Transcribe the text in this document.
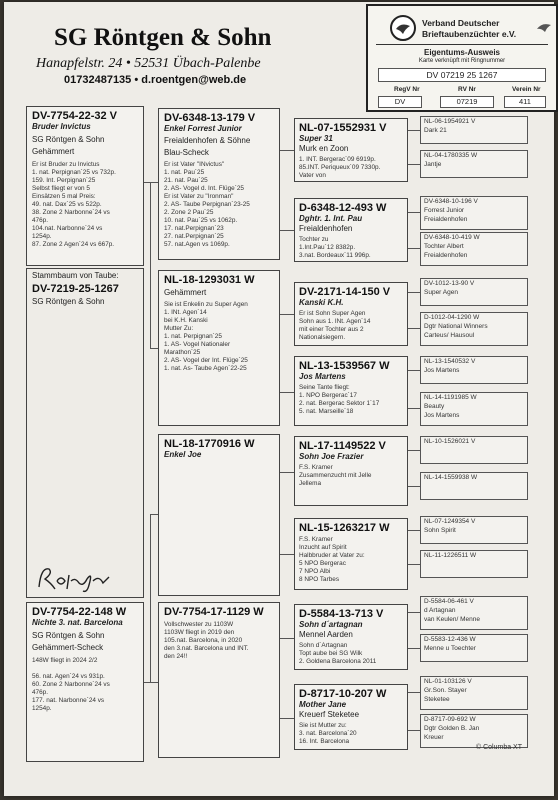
SG Röntgen & Sohn
Hanapfelstr. 24 • 52531 Übach-Palenbe
01732487135 • d.roentgen@web.de
Verband Deutscher
Brieftaubenzüchter e.V.
Eigentums-Ausweis
Karte verknüpft mit Ringnummer
DV 07219 25 1267
RegV Nr	RV Nr	Verein Nr
DV	07219	411
DV-7754-22-32 V
Bruder Invictus
SG Röntgen & Sohn
Gehämmert
Er ist Bruder zu Invictus
1. nat. Perpignan´25 vs 732p.
159. Int. Perpignan´25
Selbst fliegt er von 5
Einsätzen 5 mal Preis:
49. nat. Dax´25 vs 522p.
38. Zone 2 Narbonne´24 vs
476p.
104.nat. Narbonne´24 vs
1254p.
87. Zone 2 Agen´24 vs 667p.
Stammbaum von Taube:
DV-7219-25-1267
SG Röntgen & Sohn
DV-7754-22-148 W
Nichte 3. nat. Barcelona
SG Röntgen & Sohn
Gehämmert-Scheck
148W fliegt in 2024 2/2

56. nat. Agen´24 vs 931p.
60. Zone 2 Narbonne´24 vs
476p.
177. nat. Narbonne´24 vs
1254p.
DV-6348-13-179 V
Enkel Forrest Junior
Freialdenhofen & Söhne
Blau-Scheck
Er ist Vater "INvictus"
1. nat. Pau´25
21. nat. Pau´25
2. AS- Vogel d. Int. Flüge´25
Er ist Vater zu "Ironman"
2. AS- Taube Perpignan´23-25
2. Zone 2 Pau´25
10. nat. Pau´25 vs 1062p.
17. nat.Perpignan´23
27. nat.Perpignan´25
57. nat.Agen vs 1069p.
NL-18-1293031 W
Gehämmert
Sie ist Enkelin zu Super Agen
1. INt. Agen´14
bei K.H. Kanski
Mutter Zu:
1. nat. Perpignan´25
1. AS- Vogel Nationaler
Marathon´25
2. AS- Vogel der Int. Flüge´25
1. nat. As- Taube Agen´22-25
NL-18-1770916 W
Enkel Joe
DV-7754-17-1129 W
Vollschwester zu 1103W
1103W fliegt in 2019 den
105.nat. Barcelona, in 2020
den 3.nat. Barcelona und INT.
den 24!!
NL-07-1552931 V
Super 31
Murk en Zoon
1. INT. Bergerac´09 6919p.
85.INT. Periqueux´09 7330p.
Vater von
D-6348-12-493 W
Dghtr. 1. Int. Pau
Freialdenhofen
Tochter zu
1.Int.Pau´12 8382p.
3.nat. Bordeaux´11 996p.
DV-2171-14-150 V
Kanski K.H.
Er ist Sohn Super Agen
Sohn aus 1. INt. Agen´14
mit einer Tochter aus 2
Nationalsiegern.
NL-13-1539567 W
Jos Martens
Seine Tante fliegt:
1. NPO Bergerac´17
2. nat. Bergerac Sektor 1´17
5. nat. Marseille´18
NL-17-1149522 V
Sohn Joe Frazier
F.S. Kramer
Zusammenzucht mit Jelle
Jellema
NL-15-1263217 W
F.S. Kramer
Inzucht auf Spirit
Halbbruder at Vater zu:
5 NPO Bergerac
7 NPO Albi
8 NPO Tarbes
D-5584-13-713 V
Sohn d´artagnan
Mennel Aarden
Sohn d´Artagnan
Topt aube bei SG Wilk
2. Goldena Barcelona 2011
D-8717-10-207 W
Mother Jane
Kreuerf Steketee
Sie ist Mutter zu:
3. nat. Barcelona´20
16. Int. Barcelona
NL-06-1954921 V
Dark 21
NL-04-1780335 W
Jantje
DV-6348-10-196 V
Forrest Junior
Freialdenhofen
DV-6348-10-419 W
Tochter Albert
Freialdenhofen
DV-1012-13-90 V
Super Agen
D-1012-04-1290 W
Dgtr National Winners
Carteus/ Hausoul
NL-13-1540532 V
Jos Martens
NL-14-1191985 W
Beauty
Jos Martens
NL-10-1526021 V
NL-14-1559938 W
NL-07-1249354 V
Sohn Spirit
NL-11-1226511 W
D-5584-06-461 V
d Artagnan
van Keulen/ Menne
D-5583-12-436 W
Menne u Toechter
NL-01-103126 V
Gr.Son. Stayer
Steketee
D-8717-09-692 W
Dgtr Golden B. Jan
Kreuer
© Columba XT
